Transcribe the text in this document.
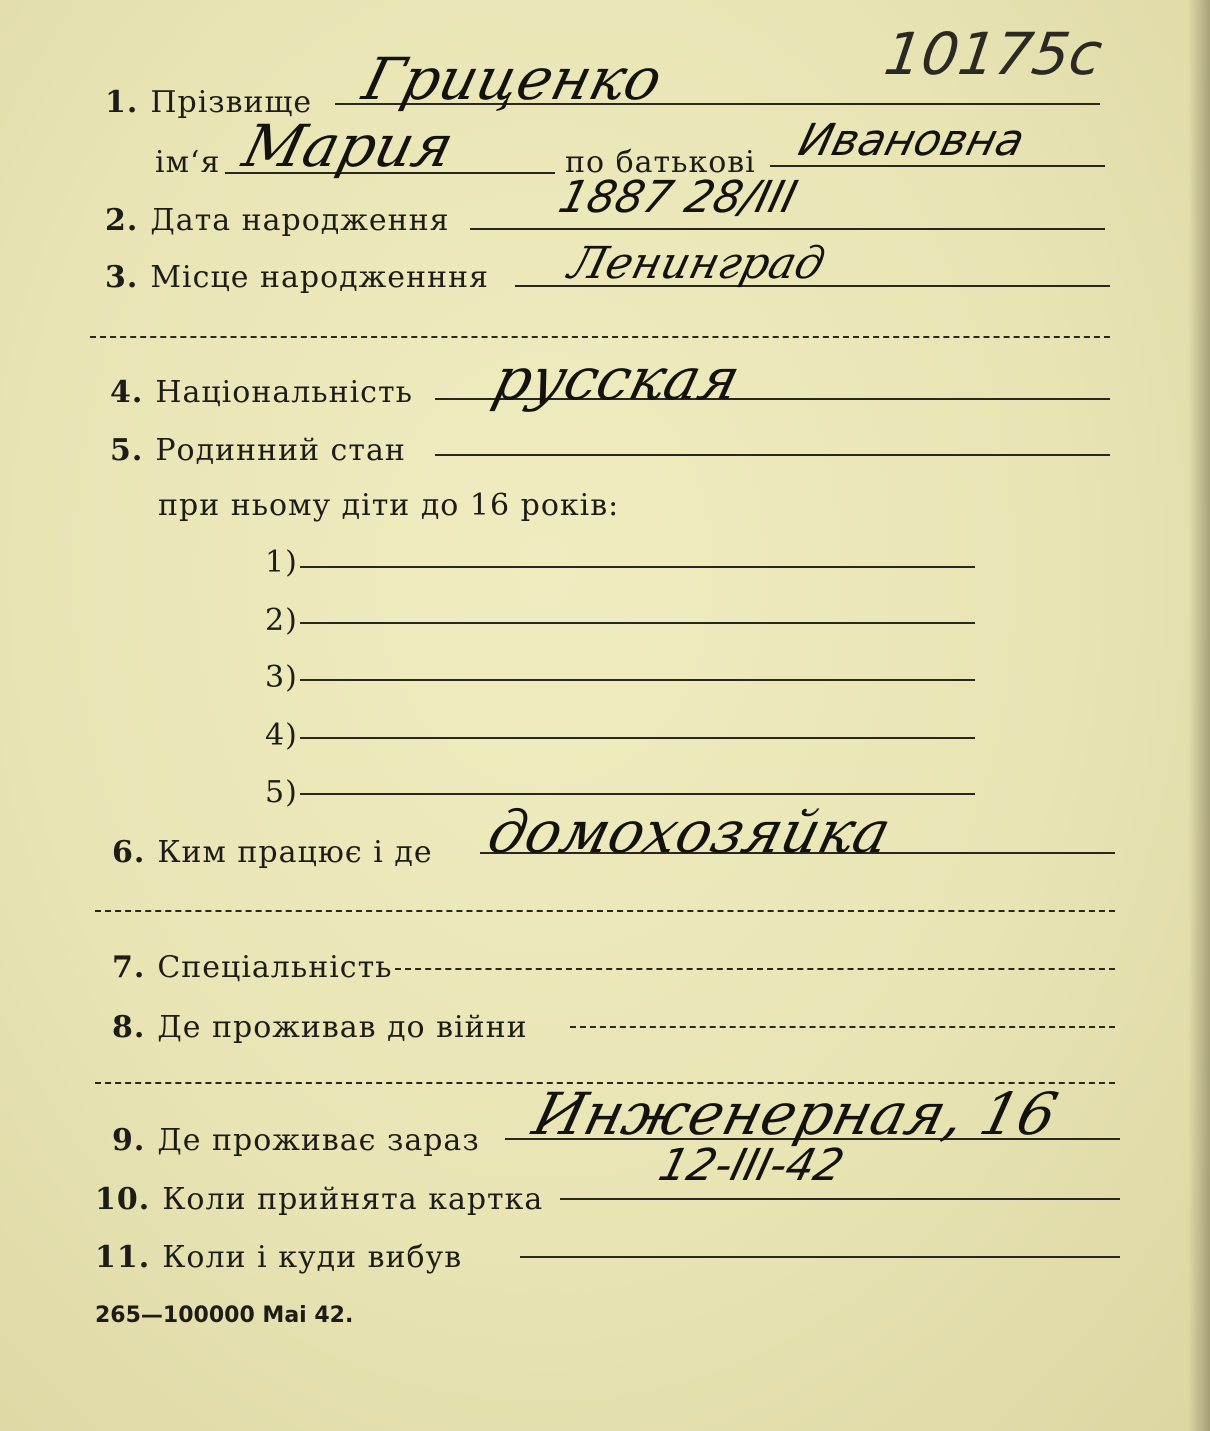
10175с
1. Прізвище Гриценко
ім‘я Мария	по батькові Ивановна
2. Дата народження 1887 28/III
3. Місце народженння Ленинград
4. Національність русская
5. Родинний стан
при ньому діти до 16 років:
1)
2)
3)
4)
5)
6. Ким працює і де домохозяйка
7. Спеціальність
8. Де проживав до війни
9. Де проживає зараз Инженерная, 16
10. Коли прийнята картка
12-III-42
11. Коли і куди вибув
265—100000 Mai 42.
